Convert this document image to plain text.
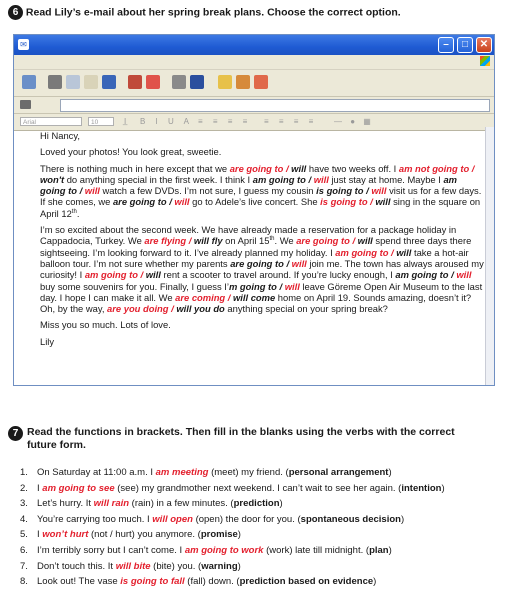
6 Read Lily’s e-mail about her spring break plans. Choose the correct option.
✉	–	□	✕
Arial	10	I̲ B I U A ≡ ≡ ≡ ≡ ≡ ≡ ≡ ≡ — ● ▦

Hi Nancy,

Loved your photos! You look great, sweetie.

There is nothing much in here except that we are going to / will have two weeks off. I am not going to / won't do anything special in the first week. I think I am going to / will just stay at home. Maybe I am going to / will watch a few DVDs. I’m not sure, I guess my cousin is going to / will visit us for a few days. If she comes, we are going to / will go to Adele’s live concert. She is going to / will sing in the square on April 12th.

I’m so excited about the second week. We have already made a reservation for a package holiday in Cappadocia, Turkey. We are flying / will fly on April 15th. We are going to / will spend three days there sightseeing. I’m looking forward to it. I’ve already planned my holiday. I am going to / will take a hot-air balloon tour. I’m not sure whether my parents are going to / will join me. The town has always aroused my curiosity! I am going to / will rent a scooter to travel around. If you’re lucky enough, I am going to / will buy some souvenirs for you. Finally, I guess I’m going to / will leave Göreme Open Air Museum to the last day. I hope I can make it all. We are coming / will come home on April 19. Sounds amazing, doesn’t it? Oh, by the way, are you doing / will you do anything special on your spring break?

Miss you so much. Lots of love.

Lily

7 Read the functions in brackets. Then fill in the blanks using the verbs with the correct future form.
1. On Saturday at 11:00 a.m. I am meeting (meet) my friend. (personal arrangement)
2. I am going to see (see) my grandmother next weekend. I can’t wait to see her again. (intention)
3. Let’s hurry. It will rain (rain) in a few minutes. (prediction)
4. You’re carrying too much. I will open (open) the door for you. (spontaneous decision)
5. I won’t hurt (not / hurt) you anymore. (promise)
6. I’m terribly sorry but I can’t come. I am going to work (work) late till midnight. (plan)
7. Don’t touch this. It will bite (bite) you. (warning)
8. Look out! The vase is going to fall (fall) down. (prediction based on evidence)
